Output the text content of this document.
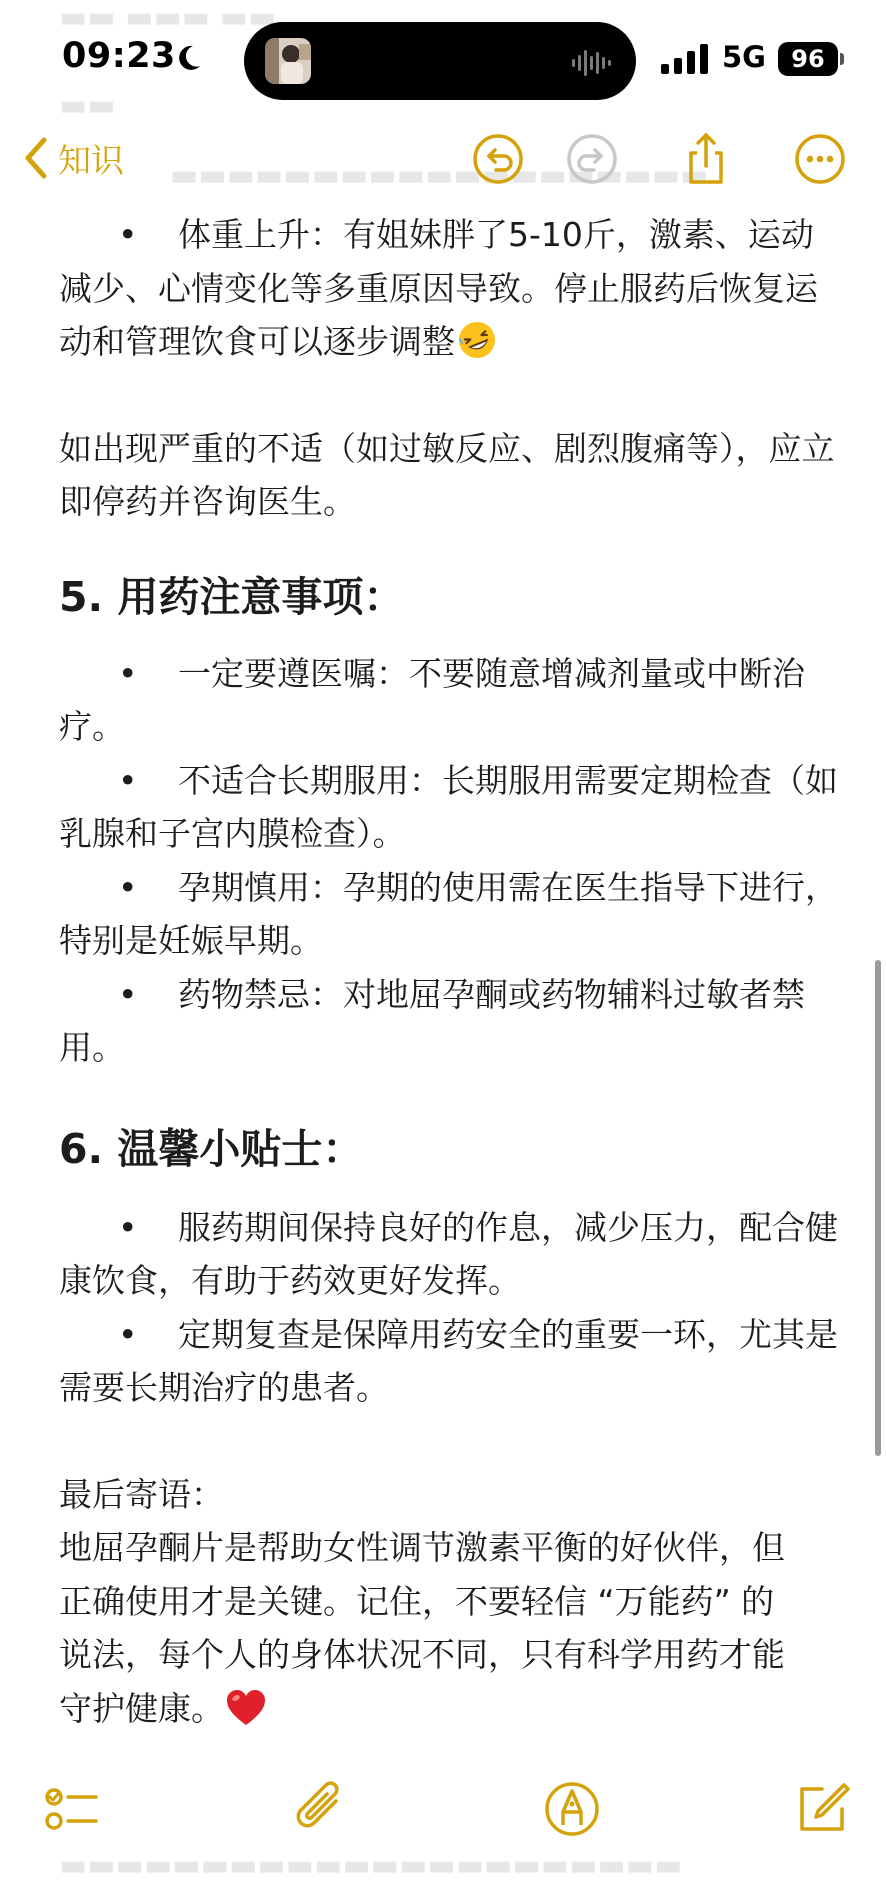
09:23	5G	96
▬▬ ▬▬▬ ▬▬
▬▬
▬▬▬▬▬▬▬▬▬▬▬▬▬▬▬▬▬▬▬
知识

• 体重上升：有姐妹胖了5-10斤，激素、运动减少、心情变化等多重原因导致。停止服药后恢复运动和管理饮食可以逐步调整

如出现严重的不适（如过敏反应、剧烈腹痛等），应立即停药并咨询医生。

5. 用药注意事项：

• 一定要遵医嘱：不要随意增减剂量或中断治疗。

• 不适合长期服用：长期服用需要定期检查（如乳腺和子宫内膜检查）。

• 孕期慎用：孕期的使用需在医生指导下进行，特别是妊娠早期。

• 药物禁忌：对地屈孕酮或药物辅料过敏者禁用。

6. 温馨小贴士：

• 服药期间保持良好的作息，减少压力，配合健康饮食，有助于药效更好发挥。

• 定期复查是保障用药安全的重要一环，尤其是需要长期治疗的患者。

最后寄语：

地屈孕酮片是帮助女性调节激素平衡的好伙伴，但

正确使用才是关键。记住，不要轻信 “万能药” 的

说法，每个人的身体状况不同，只有科学用药才能

守护健康。

▬▬▬▬▬▬▬▬▬▬▬▬▬▬▬▬▬▬▬▬▬▬
